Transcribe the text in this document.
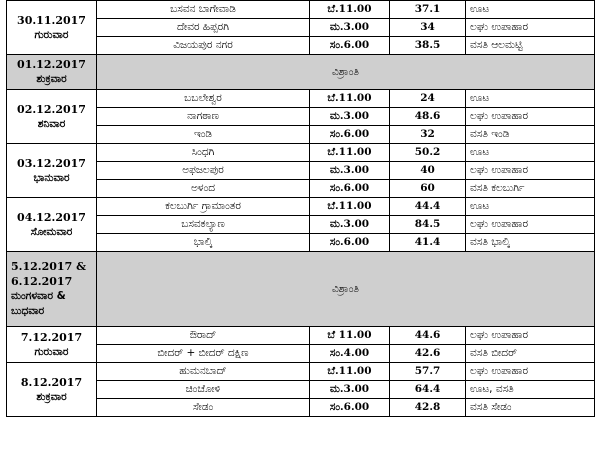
30.11.2017
ಗುರುವಾರ	ಬಸವನ ಬಾಗೇವಾಡಿ	ಬೆ.11.00	37.1	ಊಟ
	ದೇವರ ಹಿಪ್ಪರಗಿ	ಮ.3.00	34	ಲಘು ಉಪಾಹಾರ
	ವಿಜಯಪುರ ನಗರ	ಸಂ.6.00	38.5	ವಸತಿ ಆಲಮಟ್ಟಿ

01.12.2017
ಶುಕ್ರವಾರ	ವಿಶ್ರಾಂತಿ			

02.12.2017
ಶನಿವಾರ	ಬಬಲೇಶ್ವರ	ಬೆ.11.00	24	ಊಟ
	ನಾಗಠಾಣ	ಮ.3.00	48.6	ಲಘು ಉಪಾಹಾರ
	ಇಂಡಿ	ಸಂ.6.00	32	ವಸತಿ ಇಂಡಿ

03.12.2017
ಭಾನುವಾರ	ಸಿಂಧಗಿ	ಬೆ.11.00	50.2	ಊಟ
	ಅಫಜಲಪುರ	ಮ.3.00	40	ಲಘು ಉಪಾಹಾರ
	ಅಳಂದ	ಸಂ.6.00	60	ವಸತಿ ಕಲಬುರ್ಗಿ

04.12.2017
ಸೋಮವಾರ	ಕಲಬುರ್ಗಿ ಗ್ರಾಮಾಂತರ	ಬೆ.11.00	44.4	ಊಟ
	ಬಸವಕಲ್ಯಾಣ	ಮ.3.00	84.5	ಲಘು ಉಪಾಹಾರ
	ಭಾಲ್ಕಿ	ಸಂ.6.00	41.4	ವಸತಿ ಭಾಲ್ಕಿ

5.12.2017 &
6.12.2017
ಮಂಗಳವಾರ &
ಬುಧವಾರ	ವಿಶ್ರಾಂತಿ			

7.12.2017
ಗುರುವಾರ	ಔರಾದ್	ಬೆ 11.00	44.6	ಲಘು ಉಪಾಹಾರ
	ಬೀದರ್ + ಬೀದರ್ ದಕ್ಷಿಣ	ಸಂ.4.00	42.6	ವಸತಿ ಬೀದರ್

8.12.2017
ಶುಕ್ರವಾರ	ಹುಮನಬಾದ್	ಬೆ.11.00	57.7	ಲಘು ಉಪಾಹಾರ
	ಚಿಂಚೋಳಿ	ಮ.3.00	64.4	ಊಟ, ವಸತಿ
	ಸೇಡಂ	ಸಂ.6.00	42.8	ವಸತಿ ಸೇಡಂ
